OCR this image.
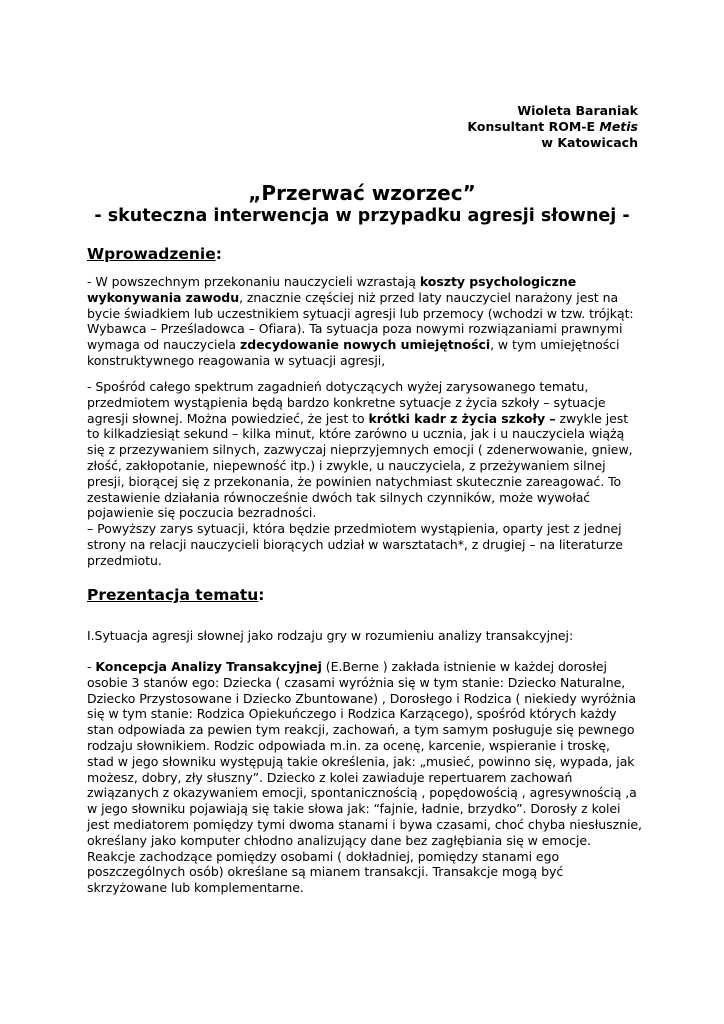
Wioleta Baraniak
Konsultant ROM-E Metis
w Katowicach
„Przerwać wzorzec”
- skuteczna interwencja w przypadku agresji słownej -
Wprowadzenie:
- W powszechnym przekonaniu nauczycieli wzrastają koszty psychologiczne
wykonywania zawodu, znacznie częściej niż przed laty nauczyciel narażony jest na
bycie świadkiem lub uczestnikiem sytuacji agresji lub przemocy (wchodzi w tzw. trójkąt:
Wybawca – Prześladowca – Ofiara). Ta sytuacja poza nowymi rozwiązaniami prawnymi
wymaga od nauczyciela zdecydowanie nowych umiejętności, w tym umiejętności
konstruktywnego reagowania w sytuacji agresji,
- Spośród całego spektrum zagadnień dotyczących wyżej zarysowanego tematu,
przedmiotem wystąpienia będą bardzo konkretne sytuacje z życia szkoły – sytuacje
agresji słownej. Można powiedzieć, że jest to krótki kadr z życia szkoły – zwykle jest
to kilkadziesiąt sekund – kilka minut, które zarówno u ucznia, jak i u nauczyciela wiążą
się z przezywaniem silnych, zazwyczaj nieprzyjemnych emocji ( zdenerwowanie, gniew,
złość, zakłopotanie, niepewność itp.) i zwykle, u nauczyciela, z przeżywaniem silnej
presji, biorącej się z przekonania, że powinien natychmiast skutecznie zareagować. To
zestawienie działania równocześnie dwóch tak silnych czynników, może wywołać
pojawienie się poczucia bezradności.
– Powyższy zarys sytuacji, która będzie przedmiotem wystąpienia, oparty jest z jednej
strony na relacji nauczycieli biorących udział w warsztatach*, z drugiej – na literaturze
przedmiotu.
Prezentacja tematu:
I.Sytuacja agresji słownej jako rodzaju gry w rozumieniu analizy transakcyjnej:
- Koncepcja Analizy Transakcyjnej (E.Berne ) zakłada istnienie w każdej dorosłej
osobie 3 stanów ego: Dziecka ( czasami wyróżnia się w tym stanie: Dziecko Naturalne,
Dziecko Przystosowane i Dziecko Zbuntowane) , Dorosłego i Rodzica ( niekiedy wyróżnia
się w tym stanie: Rodzica Opiekuńczego i Rodzica Karzącego), spośród których każdy
stan odpowiada za pewien tym reakcji, zachowań, a tym samym posługuje się pewnego
rodzaju słownikiem. Rodzic odpowiada m.in. za ocenę, karcenie, wspieranie i troskę,
stad w jego słowniku występują takie określenia, jak: „musieć, powinno się, wypada, jak
możesz, dobry, zły słuszny”. Dziecko z kolei zawiaduje repertuarem zachowań
związanych z okazywaniem emocji, spontanicznością , popędowością , agresywnością ,a
w jego słowniku pojawiają się takie słowa jak: “fajnie, ładnie, brzydko”. Dorosły z kolei
jest mediatorem pomiędzy tymi dwoma stanami i bywa czasami, choć chyba niesłusznie,
określany jako komputer chłodno analizujący dane bez zagłębiania się w emocje.
Reakcje zachodzące pomiędzy osobami ( dokładniej, pomiędzy stanami ego
poszczególnych osób) określane są mianem transakcji. Transakcje mogą być
skrzyżowane lub komplementarne.
